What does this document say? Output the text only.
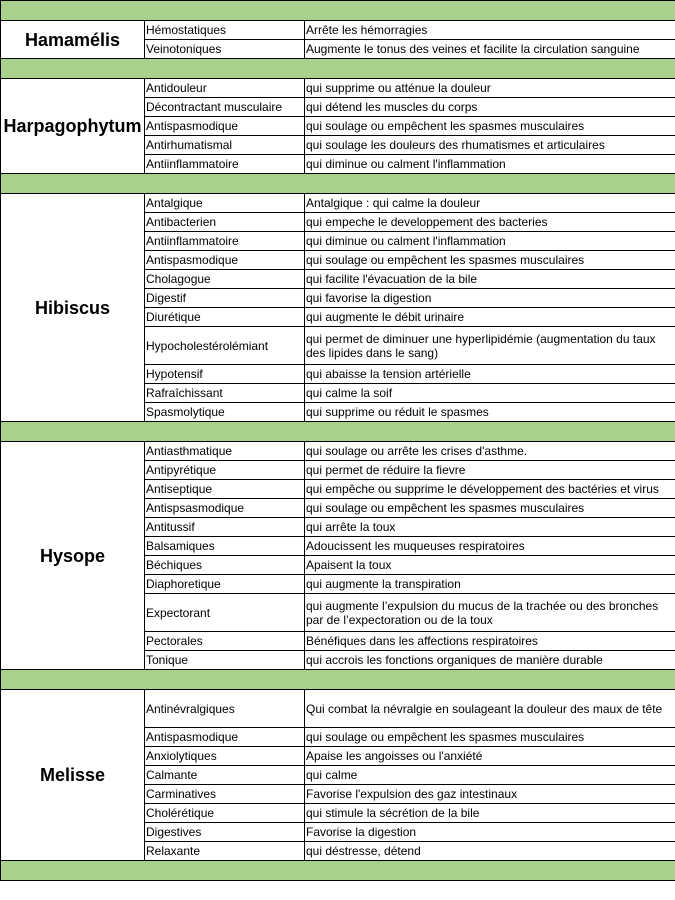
Hamamélis	Hémostatiques	Arrête les hémorragies
	Veinotoniques	Augmente le tonus des veines et facilite la circulation sanguine

Harpagophytum	Antidouleur	qui supprime ou atténue la douleur
	Décontractant musculaire	qui détend les muscles du corps
	Antispasmodique	qui soulage ou empêchent les spasmes musculaires
	Antirhumatismal	qui soulage les douleurs des rhumatismes et articulaires
	Antiinflammatoire	qui diminue ou calment l'inflammation

Hibiscus	Antalgique	Antalgique : qui calme la douleur
	Antibacterien	qui empeche le developpement des bacteries
	Antiinflammatoire	qui diminue ou calment l'inflammation
	Antispasmodique	qui soulage ou empêchent les spasmes musculaires
	Cholagogue	qui facilite l'évacuation de la bile
	Digestif	qui favorise la digestion
	Diurétique	qui augmente le débit urinaire
	Hypocholestérolémiant	qui permet de diminuer une hyperlipidémie (augmentation du taux des lipides dans le sang)
	Hypotensif	qui abaisse la tension artérielle
	Rafraîchissant	qui calme la soif
	Spasmolytique	qui supprime ou réduit le spasmes

Hysope	Antiasthmatique	qui soulage ou arrête les crises d'asthme.
	Antipyrétique	qui permet de réduire la fievre
	Antiseptique	qui empêche ou supprime le développement des bactéries et virus
	Antispsasmodique	qui soulage ou empêchent les spasmes musculaires
	Antitussif	qui arrête la toux
	Balsamiques	Adoucissent les muqueuses respiratoires
	Béchiques	Apaisent la toux
	Diaphoretique	qui augmente la transpiration
	Expectorant	qui augmente l’expulsion du mucus de la trachée ou des bronches par de l’expectoration ou de la toux
	Pectorales	Bénéfiques dans les affections respiratoires
	Tonique	qui accrois les fonctions organiques de manière durable

Melisse	Antinévralgiques	Qui combat la névralgie en soulageant la douleur des maux de tête
	Antispasmodique	qui soulage ou empêchent les spasmes musculaires
	Anxiolytiques	Apaise les angoisses ou l'anxiété
	Calmante	qui calme
	Carminatives	Favorise l'expulsion des gaz intestinaux
	Cholérétique	qui stimule la sécrétion de la bile
	Digestives	Favorise la digestion
	Relaxante	qui déstresse, détend
